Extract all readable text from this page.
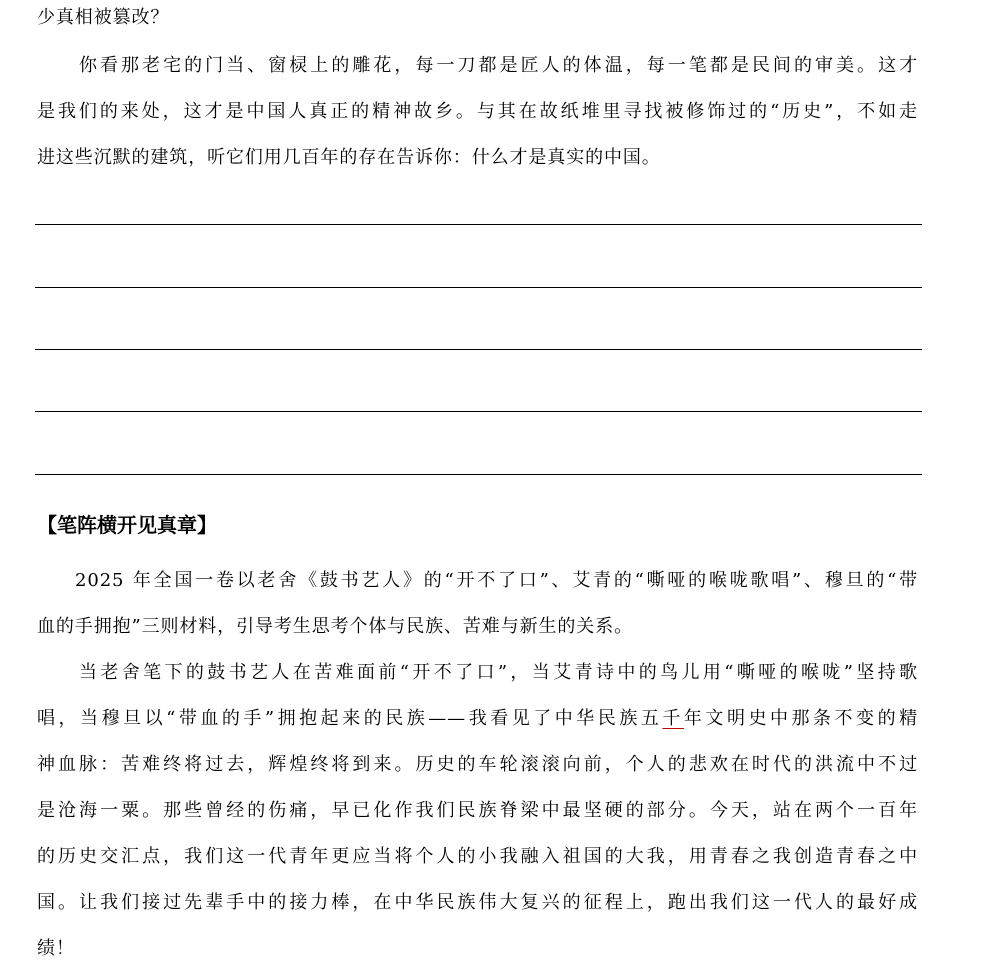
少真相被篡改？
你看那老宅的门当、窗棂上的雕花，每一刀都是匠人的体温，每一笔都是民间的审美。这才
是我们的来处，这才是中国人真正的精神故乡。与其在故纸堆里寻找被修饰过的“历史”，不如走
进这些沉默的建筑，听它们用几百年的存在告诉你：什么才是真实的中国。
【笔阵横开见真章】
2025 年全国一卷以老舍《鼓书艺人》的“开不了口”、艾青的“嘶哑的喉咙歌唱”、穆旦的“带
血的手拥抱”三则材料，引导考生思考个体与民族、苦难与新生的关系。
当老舍笔下的鼓书艺人在苦难面前“开不了口”，当艾青诗中的鸟儿用“嘶哑的喉咙”坚持歌
唱，当穆旦以“带血的手”拥抱起来的民族——我看见了中华民族五千年文明史中那条不变的精
神血脉：苦难终将过去，辉煌终将到来。历史的车轮滚滚向前，个人的悲欢在时代的洪流中不过
是沧海一粟。那些曾经的伤痛，早已化作我们民族脊梁中最坚硬的部分。今天，站在两个一百年
的历史交汇点，我们这一代青年更应当将个人的小我融入祖国的大我，用青春之我创造青春之中
国。让我们接过先辈手中的接力棒，在中华民族伟大复兴的征程上，跑出我们这一代人的最好成
绩！
